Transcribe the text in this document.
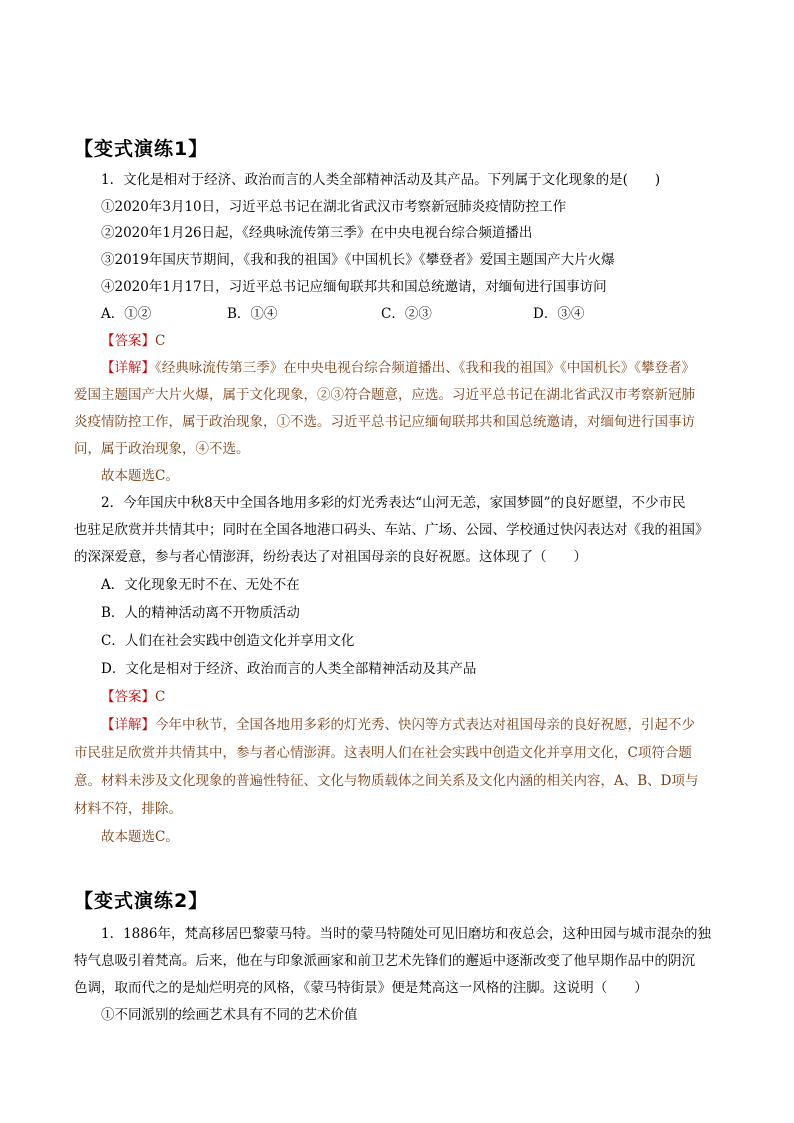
【变式演练1】
1．文化是相对于经济、政治而言的人类全部精神活动及其产品。下列属于文化现象的是(　　)
①2020年3月10日，习近平总书记在湖北省武汉市考察新冠肺炎疫情防控工作
②2020年1月26日起，《经典咏流传第三季》在中央电视台综合频道播出
③2019年国庆节期间，《我和我的祖国》《中国机长》《攀登者》爱国主题国产大片火爆
④2020年1月17日，习近平总书记应缅甸联邦共和国总统邀请，对缅甸进行国事访问
A．①②	B．①④	C．②③	D．③④
【答案】C
【详解】《经典咏流传第三季》在中央电视台综合频道播出、《我和我的祖国》《中国机长》《攀登者》
爱国主题国产大片火爆，属于文化现象，②③符合题意，应选。习近平总书记在湖北省武汉市考察新冠肺
炎疫情防控工作，属于政治现象，①不选。习近平总书记应缅甸联邦共和国总统邀请，对缅甸进行国事访
问，属于政治现象，④不选。
故本题选C。
2．今年国庆中秋8天中全国各地用多彩的灯光秀表达“山河无恙，家国梦圆”的良好愿望，不少市民
也驻足欣赏并共情其中；同时在全国各地港口码头、车站、广场、公园、学校通过快闪表达对《我的祖国》
的深深爱意，参与者心情澎湃，纷纷表达了对祖国母亲的良好祝愿。这体现了（　　）
A．文化现象无时不在、无处不在
B．人的精神活动离不开物质活动
C．人们在社会实践中创造文化并享用文化
D．文化是相对于经济、政治而言的人类全部精神活动及其产品
【答案】C
【详解】今年中秋节，全国各地用多彩的灯光秀、快闪等方式表达对祖国母亲的良好祝愿，引起不少
市民驻足欣赏并共情其中，参与者心情澎湃。这表明人们在社会实践中创造文化并享用文化，C项符合题
意。材料未涉及文化现象的普遍性特征、文化与物质载体之间关系及文化内涵的相关内容，A、B、D项与
材料不符，排除。
故本题选C。
【变式演练2】
1．1886年，梵高移居巴黎蒙马特。当时的蒙马特随处可见旧磨坊和夜总会，这种田园与城市混杂的独
特气息吸引着梵高。后来，他在与印象派画家和前卫艺术先锋们的邂逅中逐渐改变了他早期作品中的阴沉
色调，取而代之的是灿烂明亮的风格，《蒙马特街景》便是梵高这一风格的注脚。这说明（　　）
①不同派别的绘画艺术具有不同的艺术价值
